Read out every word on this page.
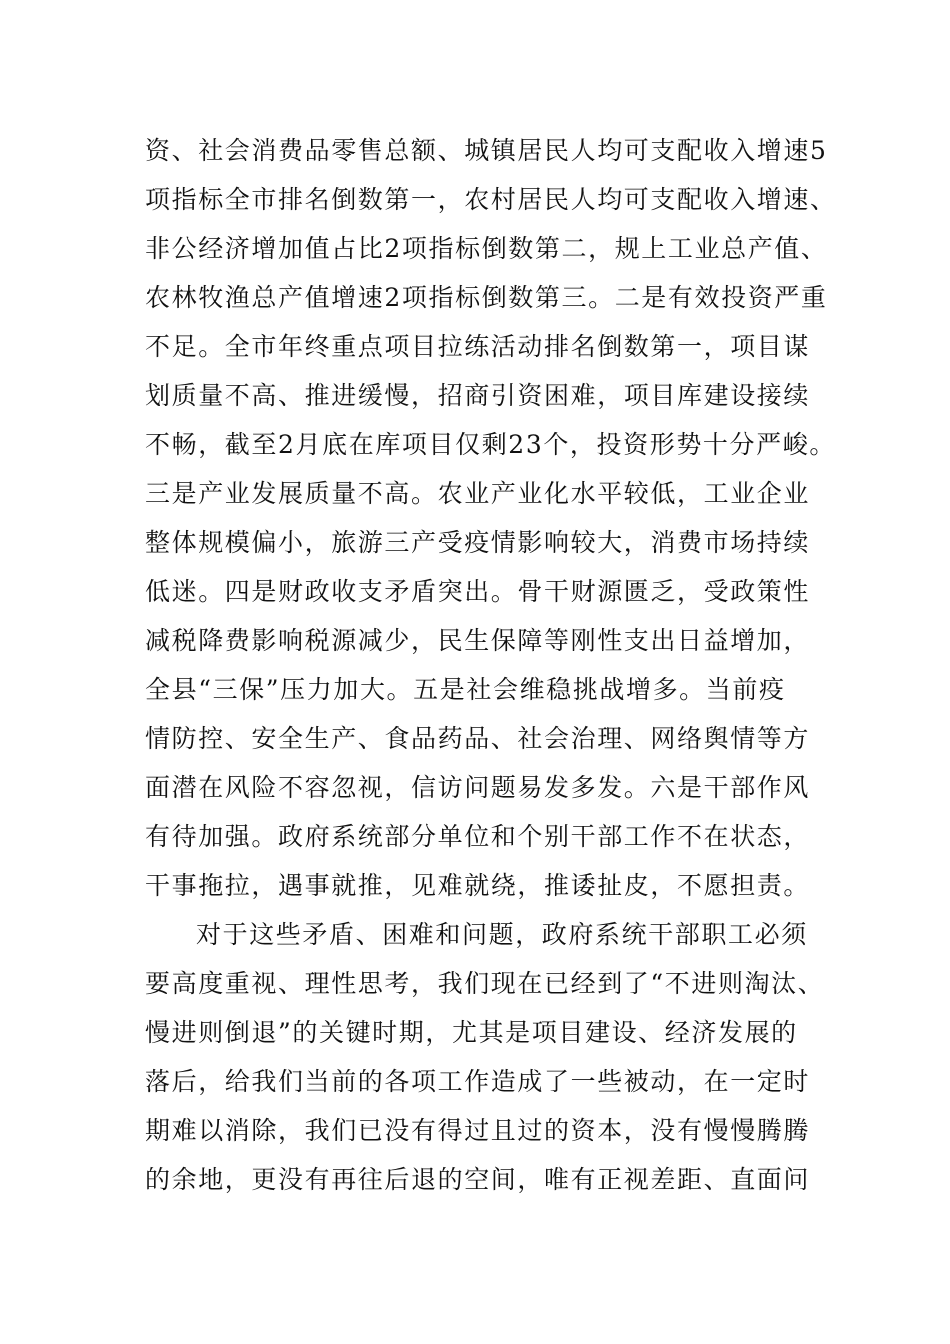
资、社会消费品零售总额、城镇居民人均可支配收入增速5
项指标全市排名倒数第一，农村居民人均可支配收入增速、
非公经济增加值占比2项指标倒数第二，规上工业总产值、
农林牧渔总产值增速2项指标倒数第三。二是有效投资严重
不足。全市年终重点项目拉练活动排名倒数第一，项目谋
划质量不高、推进缓慢，招商引资困难，项目库建设接续
不畅，截至2月底在库项目仅剩23个，投资形势十分严峻。
三是产业发展质量不高。农业产业化水平较低，工业企业
整体规模偏小，旅游三产受疫情影响较大，消费市场持续
低迷。四是财政收支矛盾突出。骨干财源匮乏，受政策性
减税降费影响税源减少，民生保障等刚性支出日益增加，
全县“三保”压力加大。五是社会维稳挑战增多。当前疫
情防控、安全生产、食品药品、社会治理、网络舆情等方
面潜在风险不容忽视，信访问题易发多发。六是干部作风
有待加强。政府系统部分单位和个别干部工作不在状态，
干事拖拉，遇事就推，见难就绕，推诿扯皮，不愿担责。
对于这些矛盾、困难和问题，政府系统干部职工必须
要高度重视、理性思考，我们现在已经到了“不进则淘汰、
慢进则倒退”的关键时期，尤其是项目建设、经济发展的
落后，给我们当前的各项工作造成了一些被动，在一定时
期难以消除，我们已没有得过且过的资本，没有慢慢腾腾
的余地，更没有再往后退的空间，唯有正视差距、直面问
